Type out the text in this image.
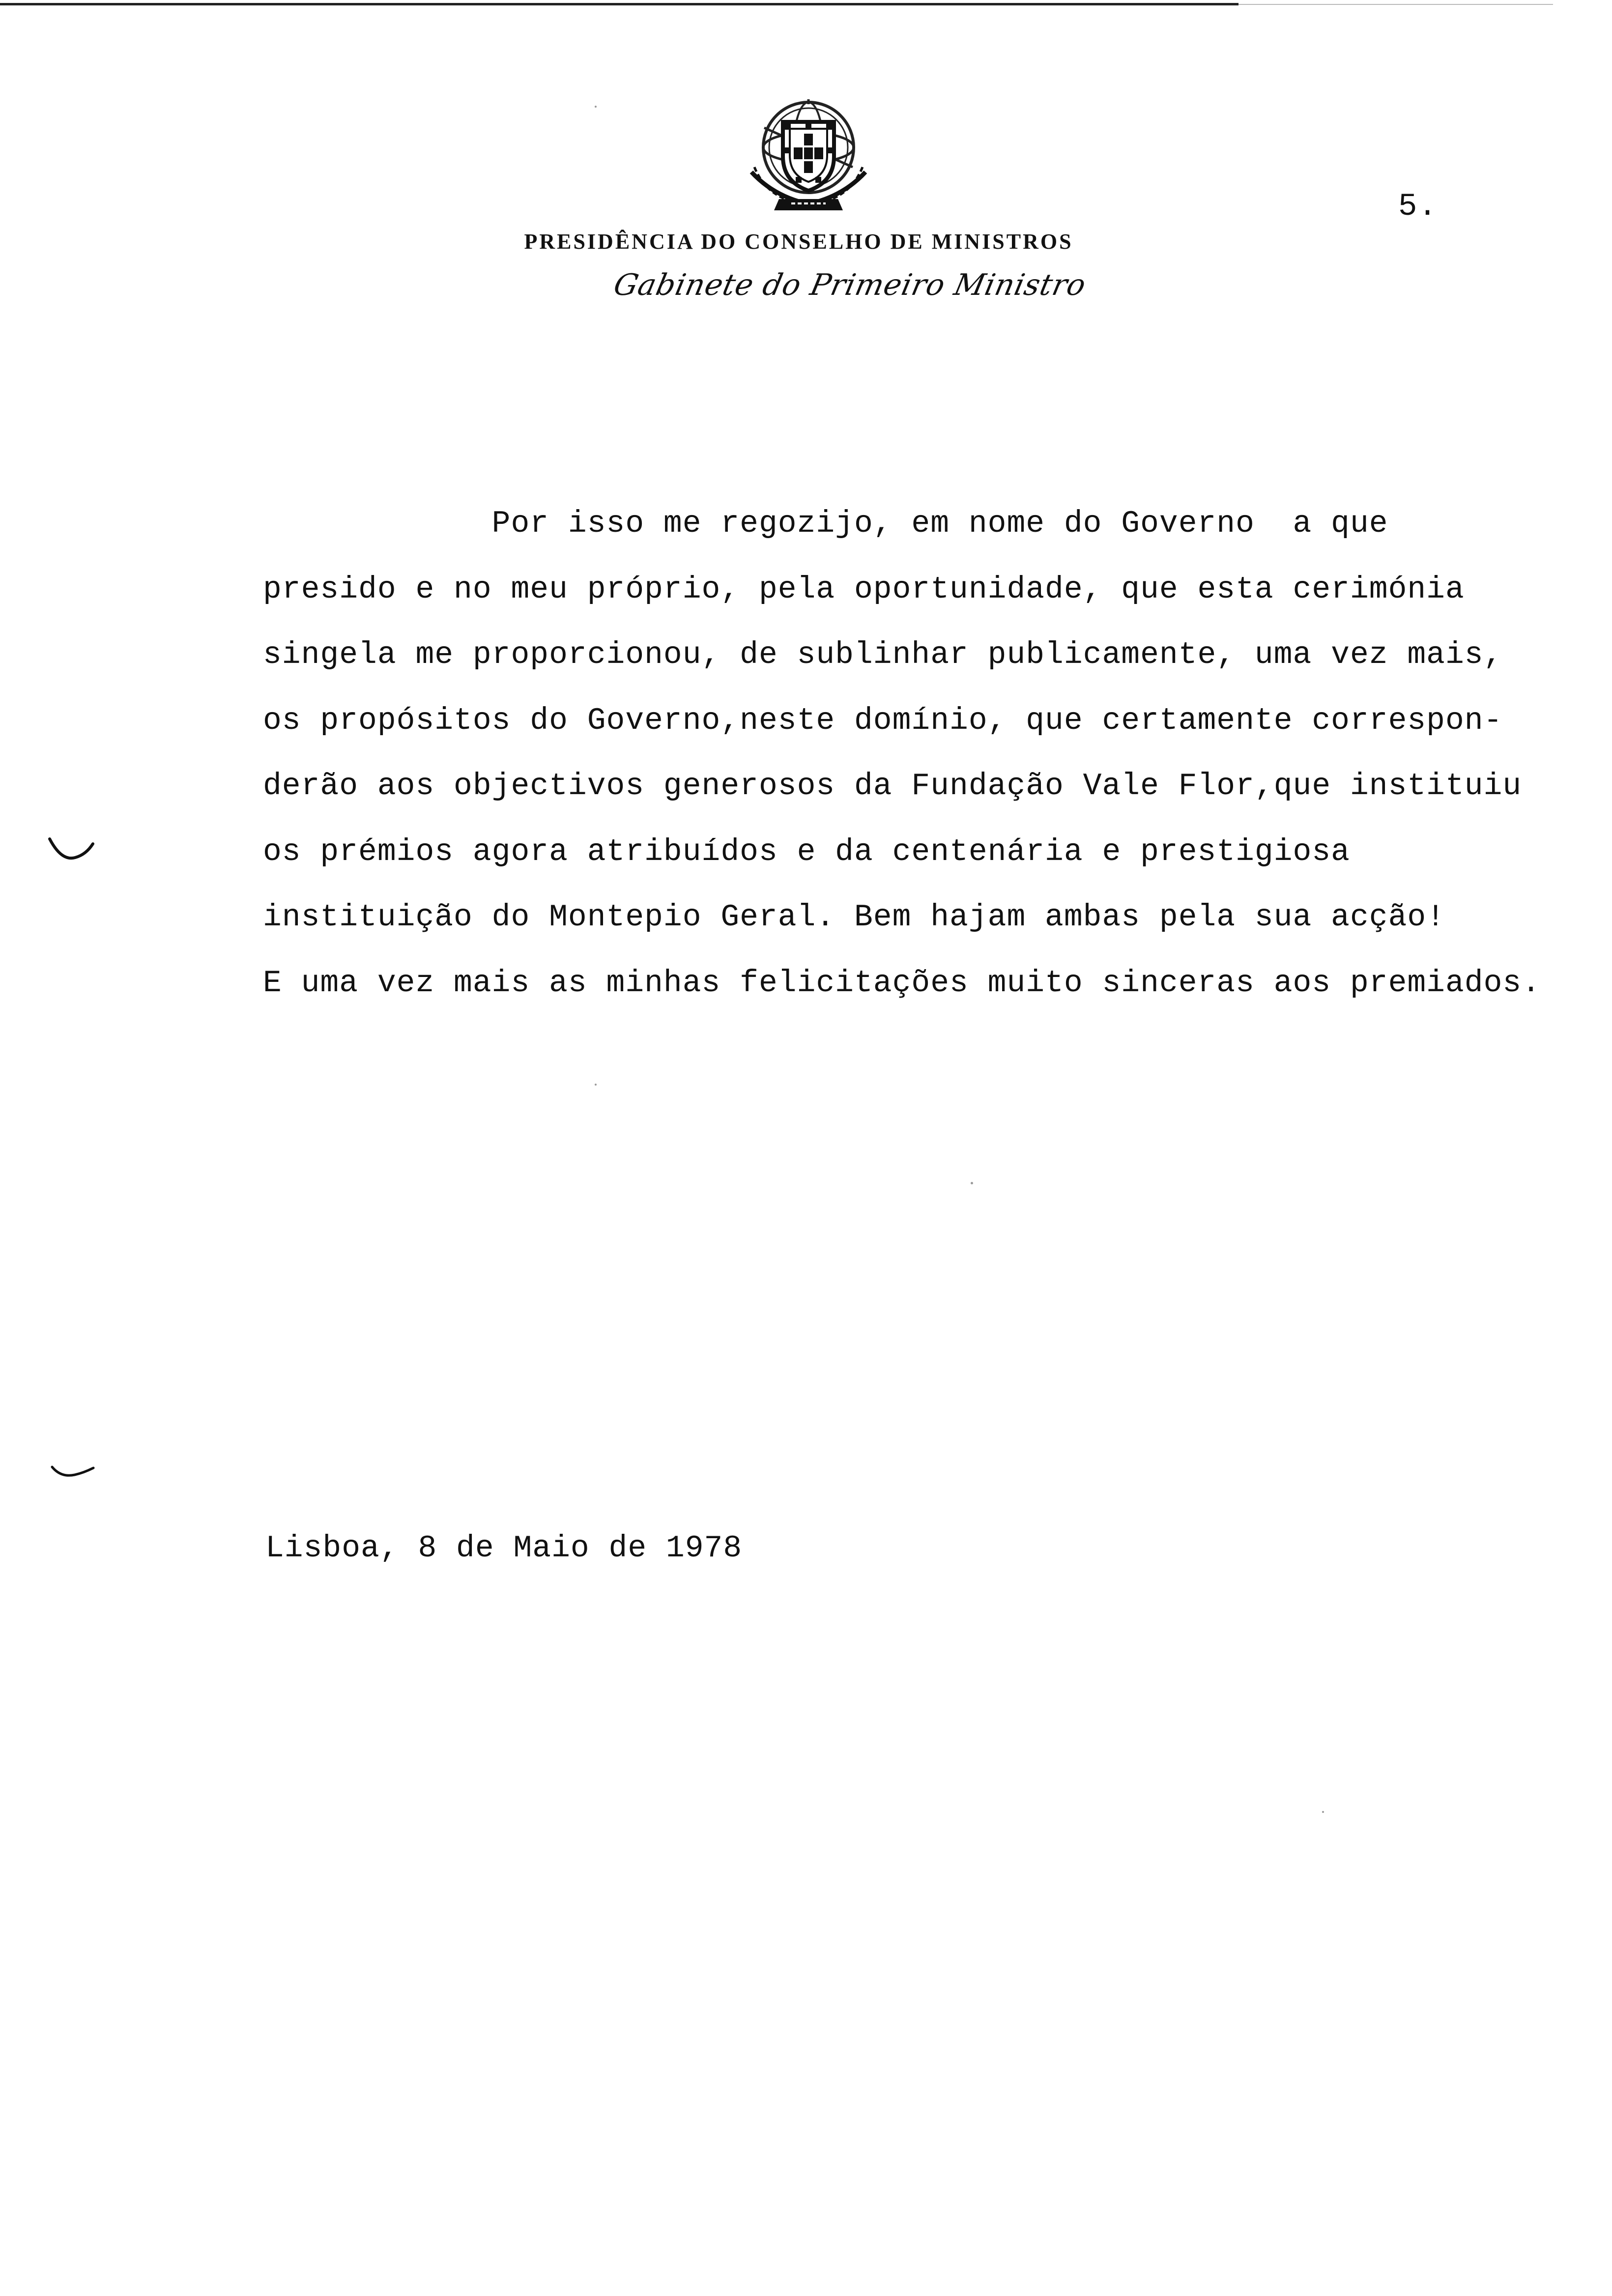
5.
PRESIDÊNCIA DO CONSELHO DE MINISTROS
Gabinete do Primeiro Ministro
Por isso me regozijo, em nome do Governo  a que
presido e no meu próprio, pela oportunidade, que esta cerimónia
singela me proporcionou, de sublinhar publicamente, uma vez mais,
os propósitos do Governo,neste domínio, que certamente correspon-
derão aos objectivos generosos da Fundação Vale Flor,que instituiu
os prémios agora atribuídos e da centenária e prestigiosa
instituição do Montepio Geral. Bem hajam ambas pela sua acção!
E uma vez mais as minhas felicitações muito sinceras aos premiados.
Lisboa, 8 de Maio de 1978
